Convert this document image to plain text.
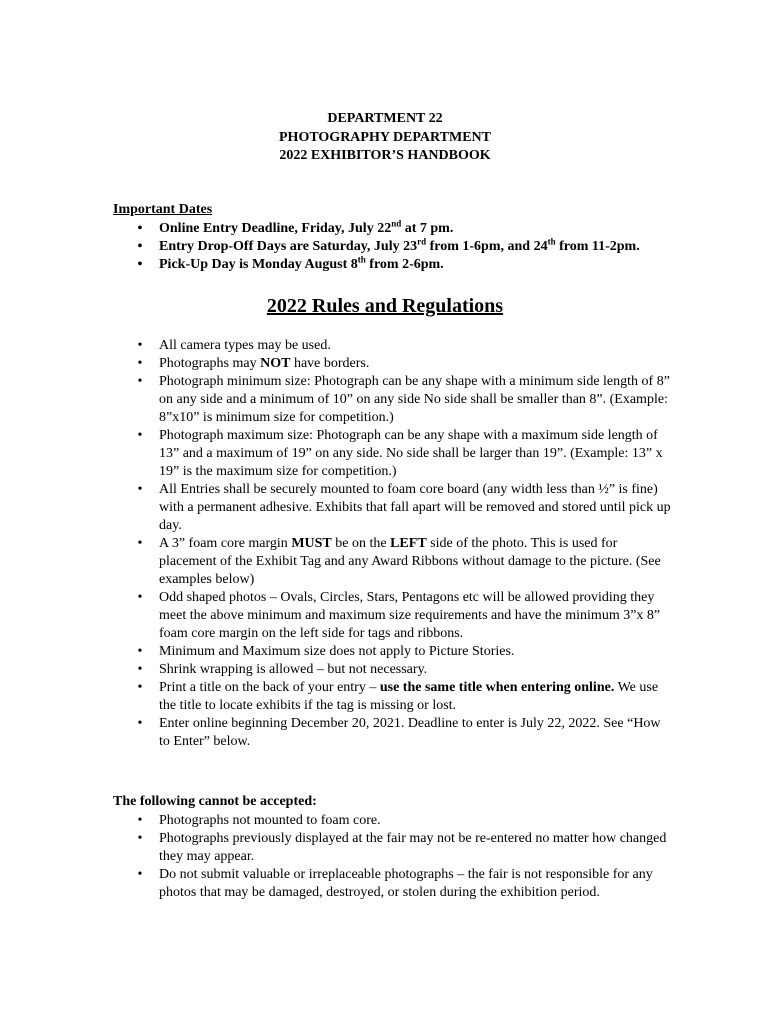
DEPARTMENT 22
PHOTOGRAPHY DEPARTMENT
2022 EXHIBITOR’S HANDBOOK
Important Dates
•	Online Entry Deadline, Friday, July 22nd at 7 pm.
•	Entry Drop-Off Days are Saturday, July 23rd from 1-6pm, and 24th from 11-2pm.
•	Pick-Up Day is Monday August 8th from 2-6pm.
2022 Rules and Regulations
•	All camera types may be used.
•	Photographs may NOT have borders.
•	Photograph minimum size: Photograph can be any shape with a minimum side length of 8” on any side and a minimum of 10” on any side No side shall be smaller than 8”. (Example: 8”x10” is minimum size for competition.)
•	Photograph maximum size: Photograph can be any shape with a maximum side length of 13” and a maximum of 19” on any side. No side shall be larger than 19”. (Example: 13” x 19” is the maximum size for competition.)
•	All Entries shall be securely mounted to foam core board (any width less than ½” is fine) with a permanent adhesive. Exhibits that fall apart will be removed and stored until pick up day.
•	A 3” foam core margin MUST be on the LEFT side of the photo. This is used for placement of the Exhibit Tag and any Award Ribbons without damage to the picture. (See examples below)
•	Odd shaped photos – Ovals, Circles, Stars, Pentagons etc will be allowed providing they meet the above minimum and maximum size requirements and have the minimum 3”x 8” foam core margin on the left side for tags and ribbons.
•	Minimum and Maximum size does not apply to Picture Stories.
•	Shrink wrapping is allowed – but not necessary.
•	Print a title on the back of your entry – use the same title when entering online. We use the title to locate exhibits if the tag is missing or lost.
•	Enter online beginning December 20, 2021. Deadline to enter is July 22, 2022. See “How to Enter” below.
The following cannot be accepted:
•	Photographs not mounted to foam core.
•	Photographs previously displayed at the fair may not be re-entered no matter how changed they may appear.
•	Do not submit valuable or irreplaceable photographs – the fair is not responsible for any photos that may be damaged, destroyed, or stolen during the exhibition period.
